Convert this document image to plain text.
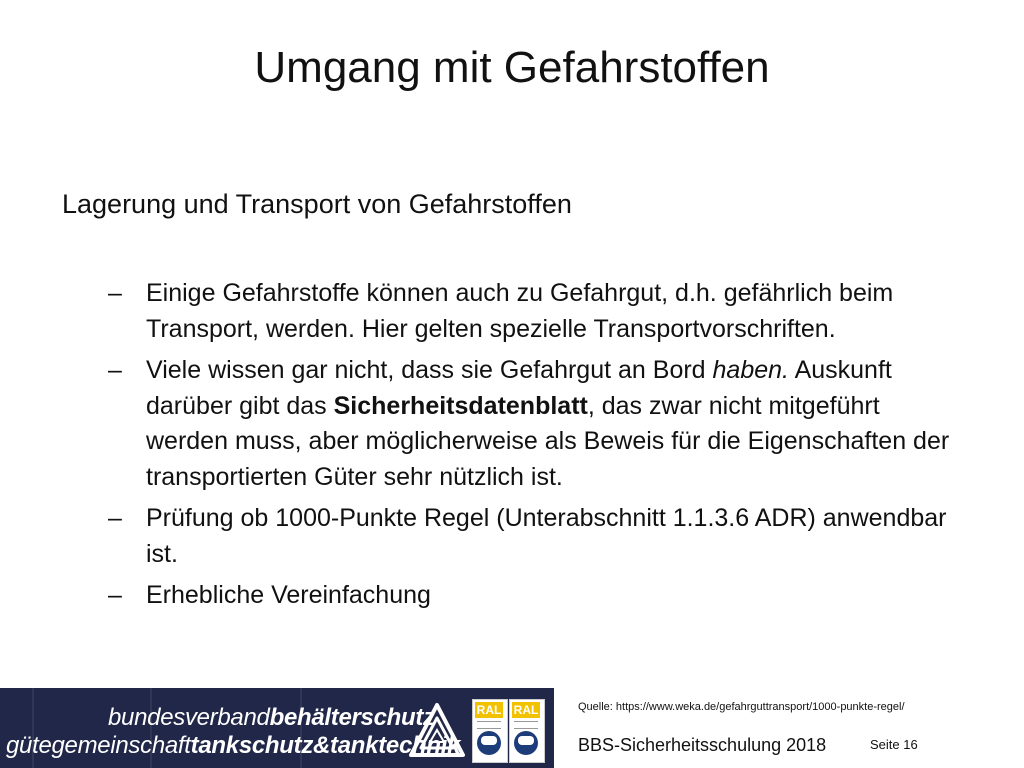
Umgang mit Gefahrstoffen
Lagerung und Transport von Gefahrstoffen
– Einige Gefahrstoffe können auch zu Gefahrgut, d.h. gefährlich beim Transport, werden. Hier gelten spezielle Transportvorschriften.
– Viele wissen gar nicht, dass sie Gefahrgut an Bord haben. Auskunft darüber gibt das Sicherheitsdatenblatt, das zwar nicht mitgeführt werden muss, aber möglicherweise als Beweis für die Eigenschaften der transportierten Güter sehr nützlich ist.
– Prüfung ob 1000-Punkte Regel (Unterabschnitt 1.1.3.6 ADR) anwendbar ist.
– Erhebliche Vereinfachung
bundesverbandbehälterschutz
gütegemeinschafttankschutz&tanktechnik
RAL RAL	Quelle: https://www.weka.de/gefahrguttransport/1000-punkte-regel/
BBS-Sicherheitsschulung 2018	Seite 16
